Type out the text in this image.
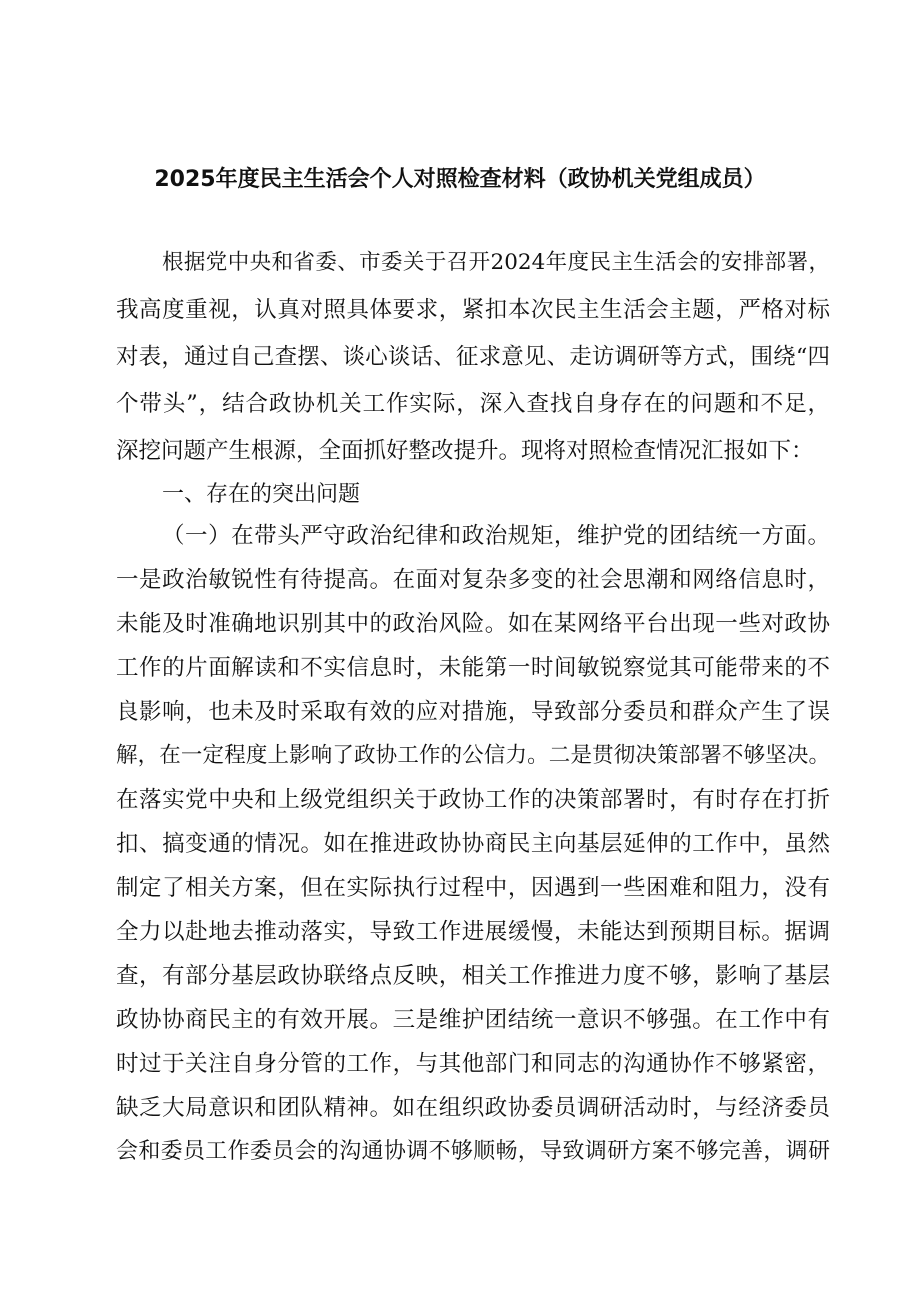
2025年度民主生活会个人对照检查材料（政协机关党组成员）
根据党中央和省委、市委关于召开2024年度民主生活会的安排部署，
我高度重视，认真对照具体要求，紧扣本次民主生活会主题，严格对标
对表，通过自己查摆、谈心谈话、征求意见、走访调研等方式，围绕“四
个带头”，结合政协机关工作实际，深入查找自身存在的问题和不足，
深挖问题产生根源，全面抓好整改提升。现将对照检查情况汇报如下：
一、存在的突出问题
（一）在带头严守政治纪律和政治规矩，维护党的团结统一方面。
一是政治敏锐性有待提高。在面对复杂多变的社会思潮和网络信息时，
未能及时准确地识别其中的政治风险。如在某网络平台出现一些对政协
工作的片面解读和不实信息时，未能第一时间敏锐察觉其可能带来的不
良影响，也未及时采取有效的应对措施，导致部分委员和群众产生了误
解，在一定程度上影响了政协工作的公信力。二是贯彻决策部署不够坚决。
在落实党中央和上级党组织关于政协工作的决策部署时，有时存在打折
扣、搞变通的情况。如在推进政协协商民主向基层延伸的工作中，虽然
制定了相关方案，但在实际执行过程中，因遇到一些困难和阻力，没有
全力以赴地去推动落实，导致工作进展缓慢，未能达到预期目标。据调
查，有部分基层政协联络点反映，相关工作推进力度不够，影响了基层
政协协商民主的有效开展。三是维护团结统一意识不够强。在工作中有
时过于关注自身分管的工作，与其他部门和同志的沟通协作不够紧密，
缺乏大局意识和团队精神。如在组织政协委员调研活动时，与经济委员
会和委员工作委员会的沟通协调不够顺畅，导致调研方案不够完善，调研
